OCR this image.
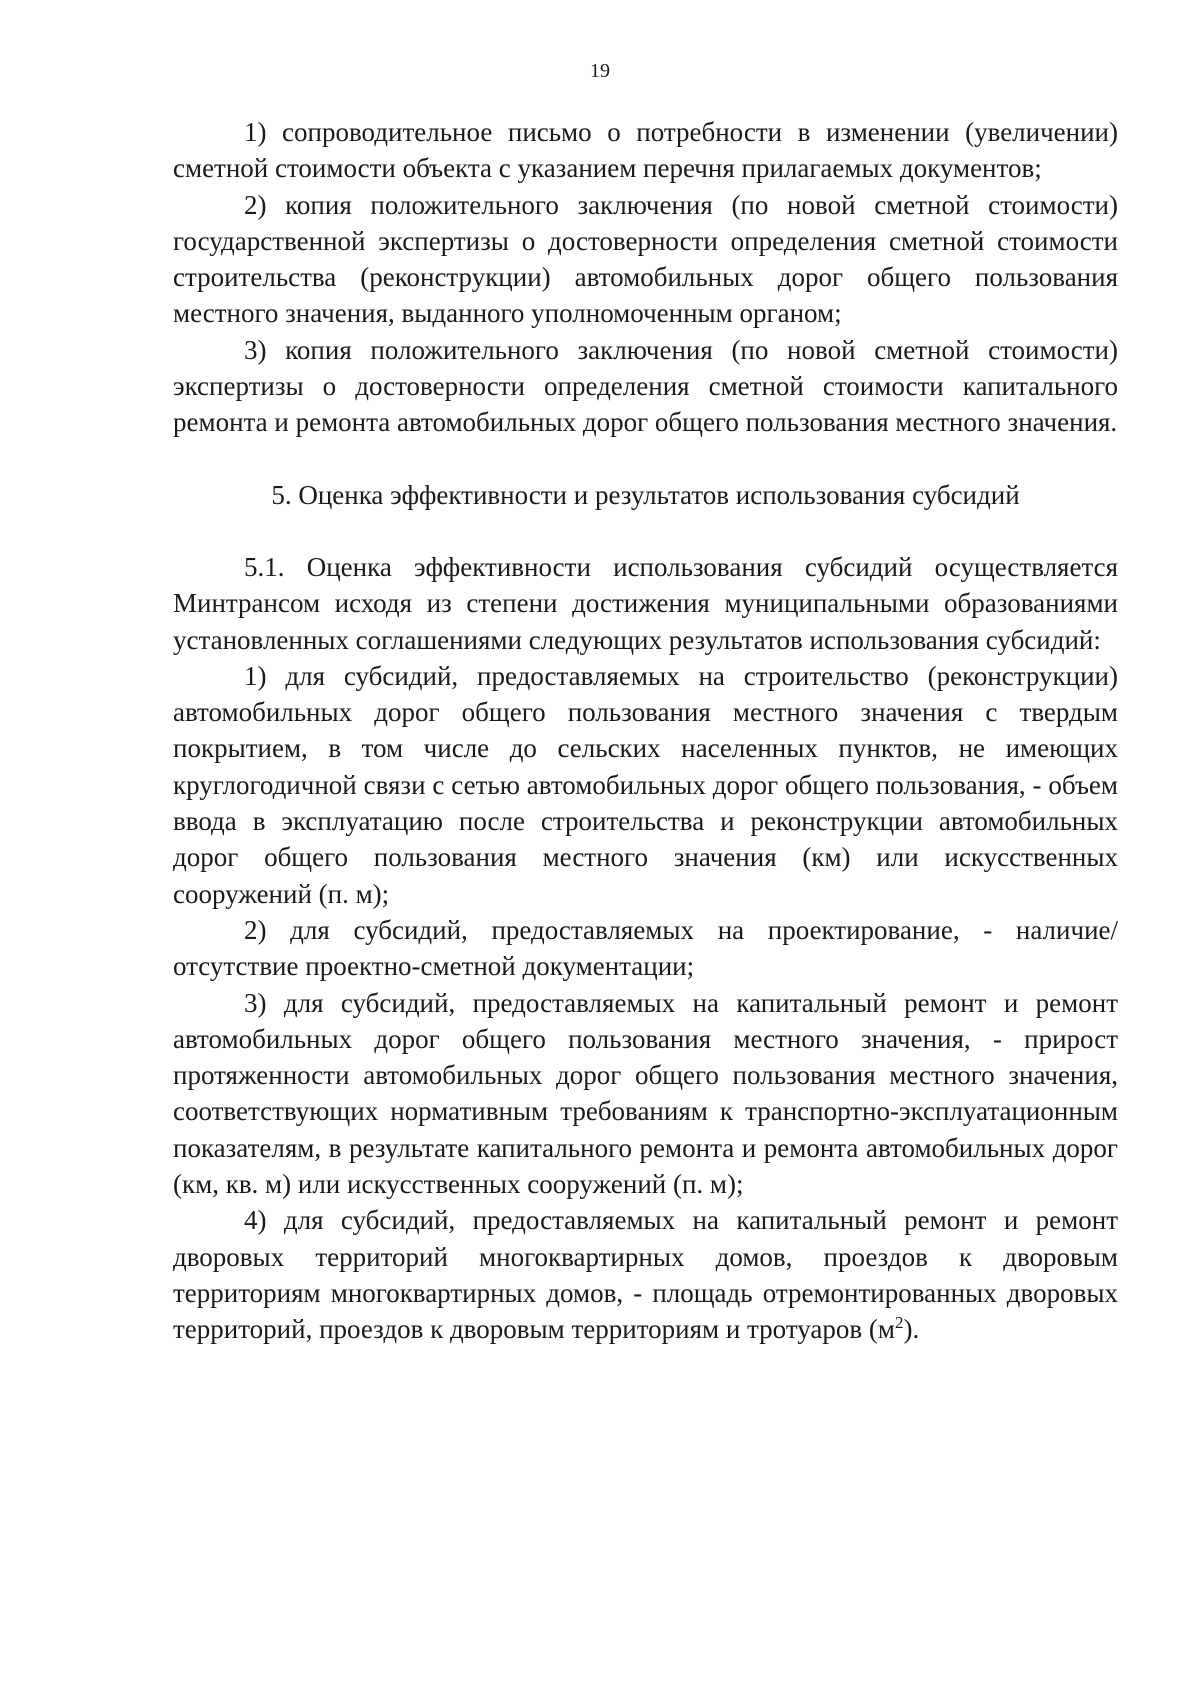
19

1) сопроводительное письмо о потребности в изменении (увеличении) сметной стоимости объекта с указанием перечня прилагаемых документов;

2) копия положительного заключения (по новой сметной стоимости) государственной экспертизы о достоверности определения сметной стоимости строительства (реконструкции) автомобильных дорог общего пользования местного значения, выданного уполномоченным органом;

3) копия положительного заключения (по новой сметной стоимости) экспертизы о достоверности определения сметной стоимости капитального ремонта и ремонта автомобильных дорог общего пользования местного значения.

5. Оценка эффективности и результатов использования субсидий

5.1. Оценка эффективности использования субсидий осуществляется Минтрансом исходя из степени достижения муниципальными образованиями установленных соглашениями следующих результатов использования субсидий:

1) для субсидий, предоставляемых на строительство (реконструкции) автомобильных дорог общего пользования местного значения с твердым покрытием, в том числе до сельских населенных пунктов, не имеющих круглогодичной связи с сетью автомобильных дорог общего пользования, - объем ввода в эксплуатацию после строительства и реконструкции автомобильных дорог общего пользования местного значения (км) или искусственных сооружений (п. м);

2) для субсидий, предоставляемых на проектирование, - наличие/отсутствие проектно-сметной документации;

3) для субсидий, предоставляемых на капитальный ремонт и ремонт автомобильных дорог общего пользования местного значения, - прирост протяженности автомобильных дорог общего пользования местного значения, соответствующих нормативным требованиям к транспортно-эксплуатационным показателям, в результате капитального ремонта и ремонта автомобильных дорог (км, кв. м) или искусственных сооружений (п. м);

4) для субсидий, предоставляемых на капитальный ремонт и ремонт дворовых территорий многоквартирных домов, проездов к дворовым территориям многоквартирных домов, - площадь отремонтированных дворовых территорий, проездов к дворовым территориям и тротуаров $(м^2)$.
